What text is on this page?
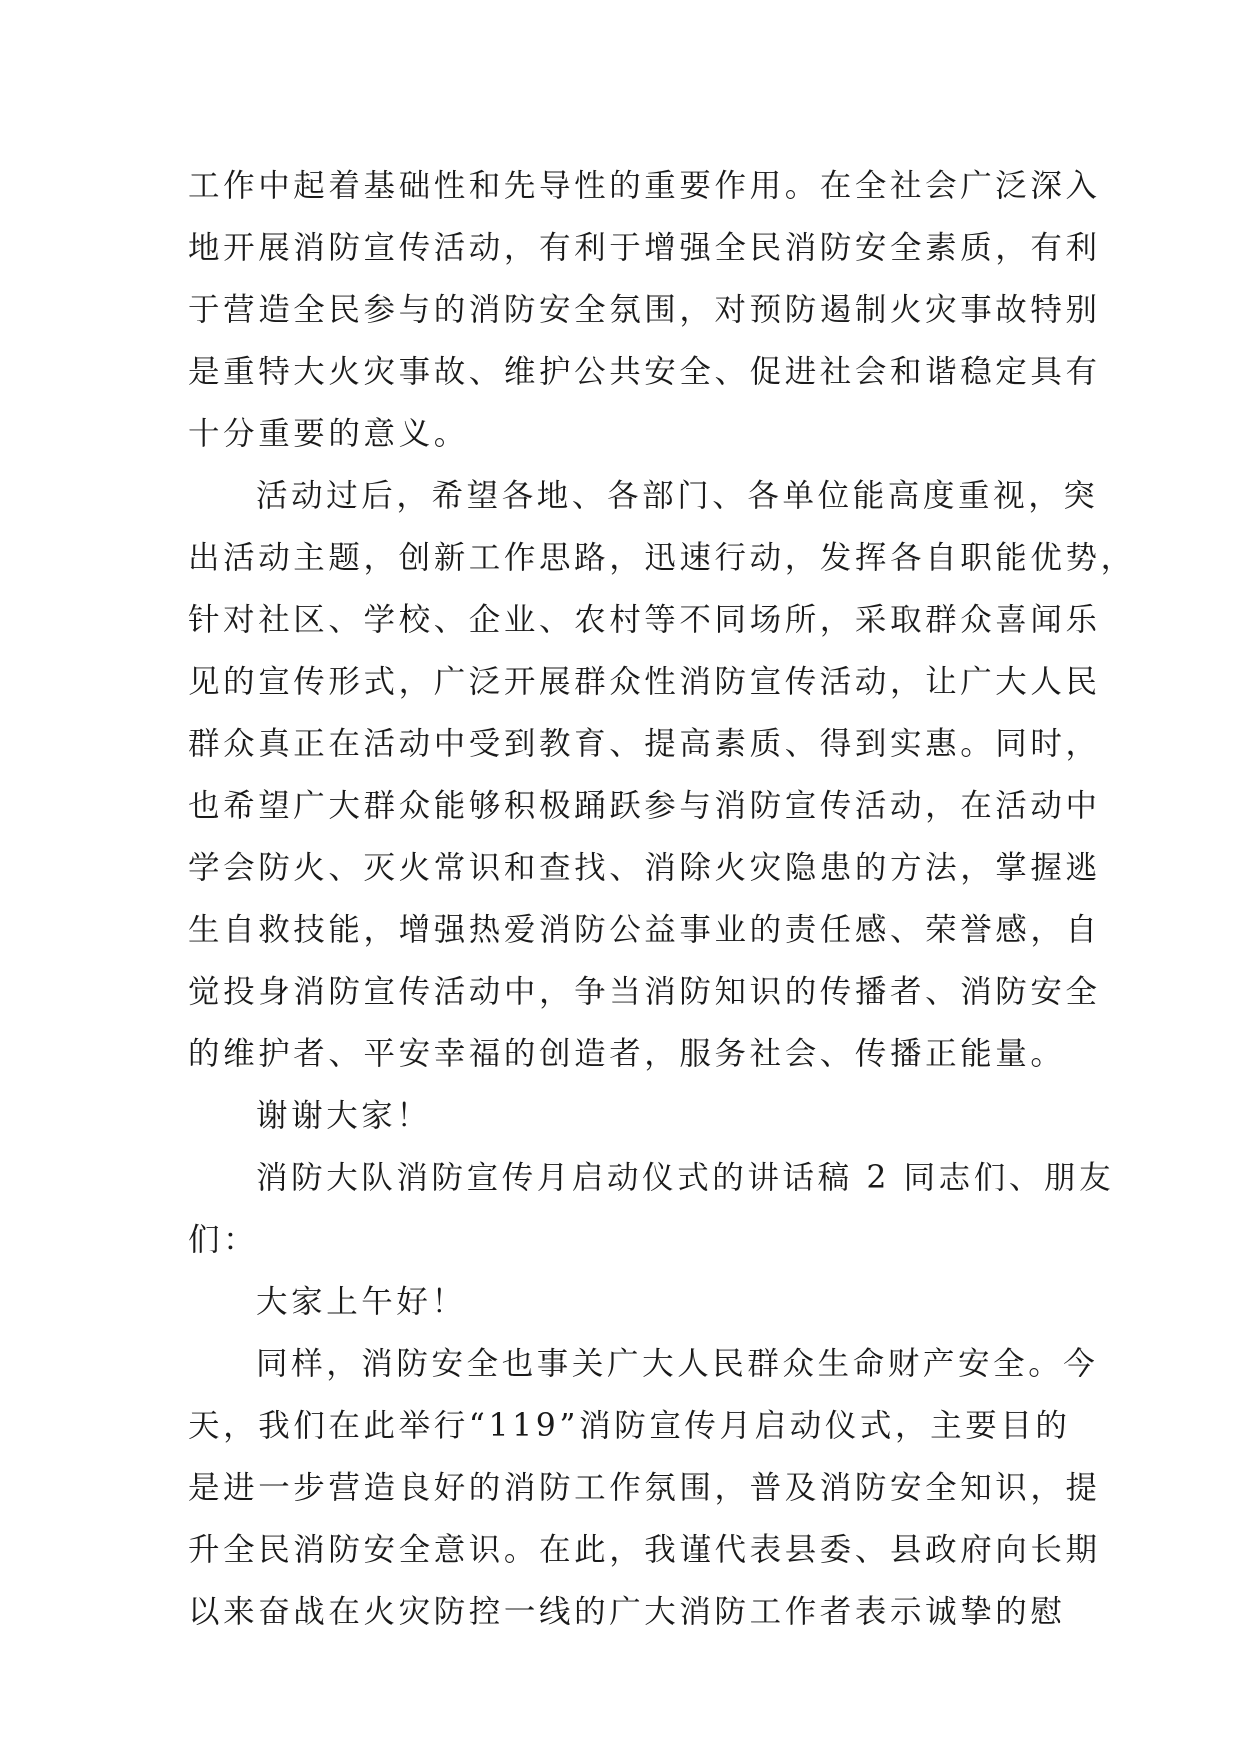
工作中起着基础性和先导性的重要作用。在全社会广泛深入
地开展消防宣传活动，有利于增强全民消防安全素质，有利
于营造全民参与的消防安全氛围，对预防遏制火灾事故特别
是重特大火灾事故、维护公共安全、促进社会和谐稳定具有
十分重要的意义。
活动过后，希望各地、各部门、各单位能高度重视，突
出活动主题，创新工作思路，迅速行动，发挥各自职能优势，
针对社区、学校、企业、农村等不同场所，采取群众喜闻乐
见的宣传形式，广泛开展群众性消防宣传活动，让广大人民
群众真正在活动中受到教育、提高素质、得到实惠。同时，
也希望广大群众能够积极踊跃参与消防宣传活动，在活动中
学会防火、灭火常识和查找、消除火灾隐患的方法，掌握逃
生自救技能，增强热爱消防公益事业的责任感、荣誉感，自
觉投身消防宣传活动中，争当消防知识的传播者、消防安全
的维护者、平安幸福的创造者，服务社会、传播正能量。
谢谢大家！
消防大队消防宣传月启动仪式的讲话稿 2 同志们、朋友
们：
大家上午好！
同样，消防安全也事关广大人民群众生命财产安全。今
天，我们在此举行“119”消防宣传月启动仪式，主要目的
是进一步营造良好的消防工作氛围，普及消防安全知识，提
升全民消防安全意识。在此，我谨代表县委、县政府向长期
以来奋战在火灾防控一线的广大消防工作者表示诚挚的慰
